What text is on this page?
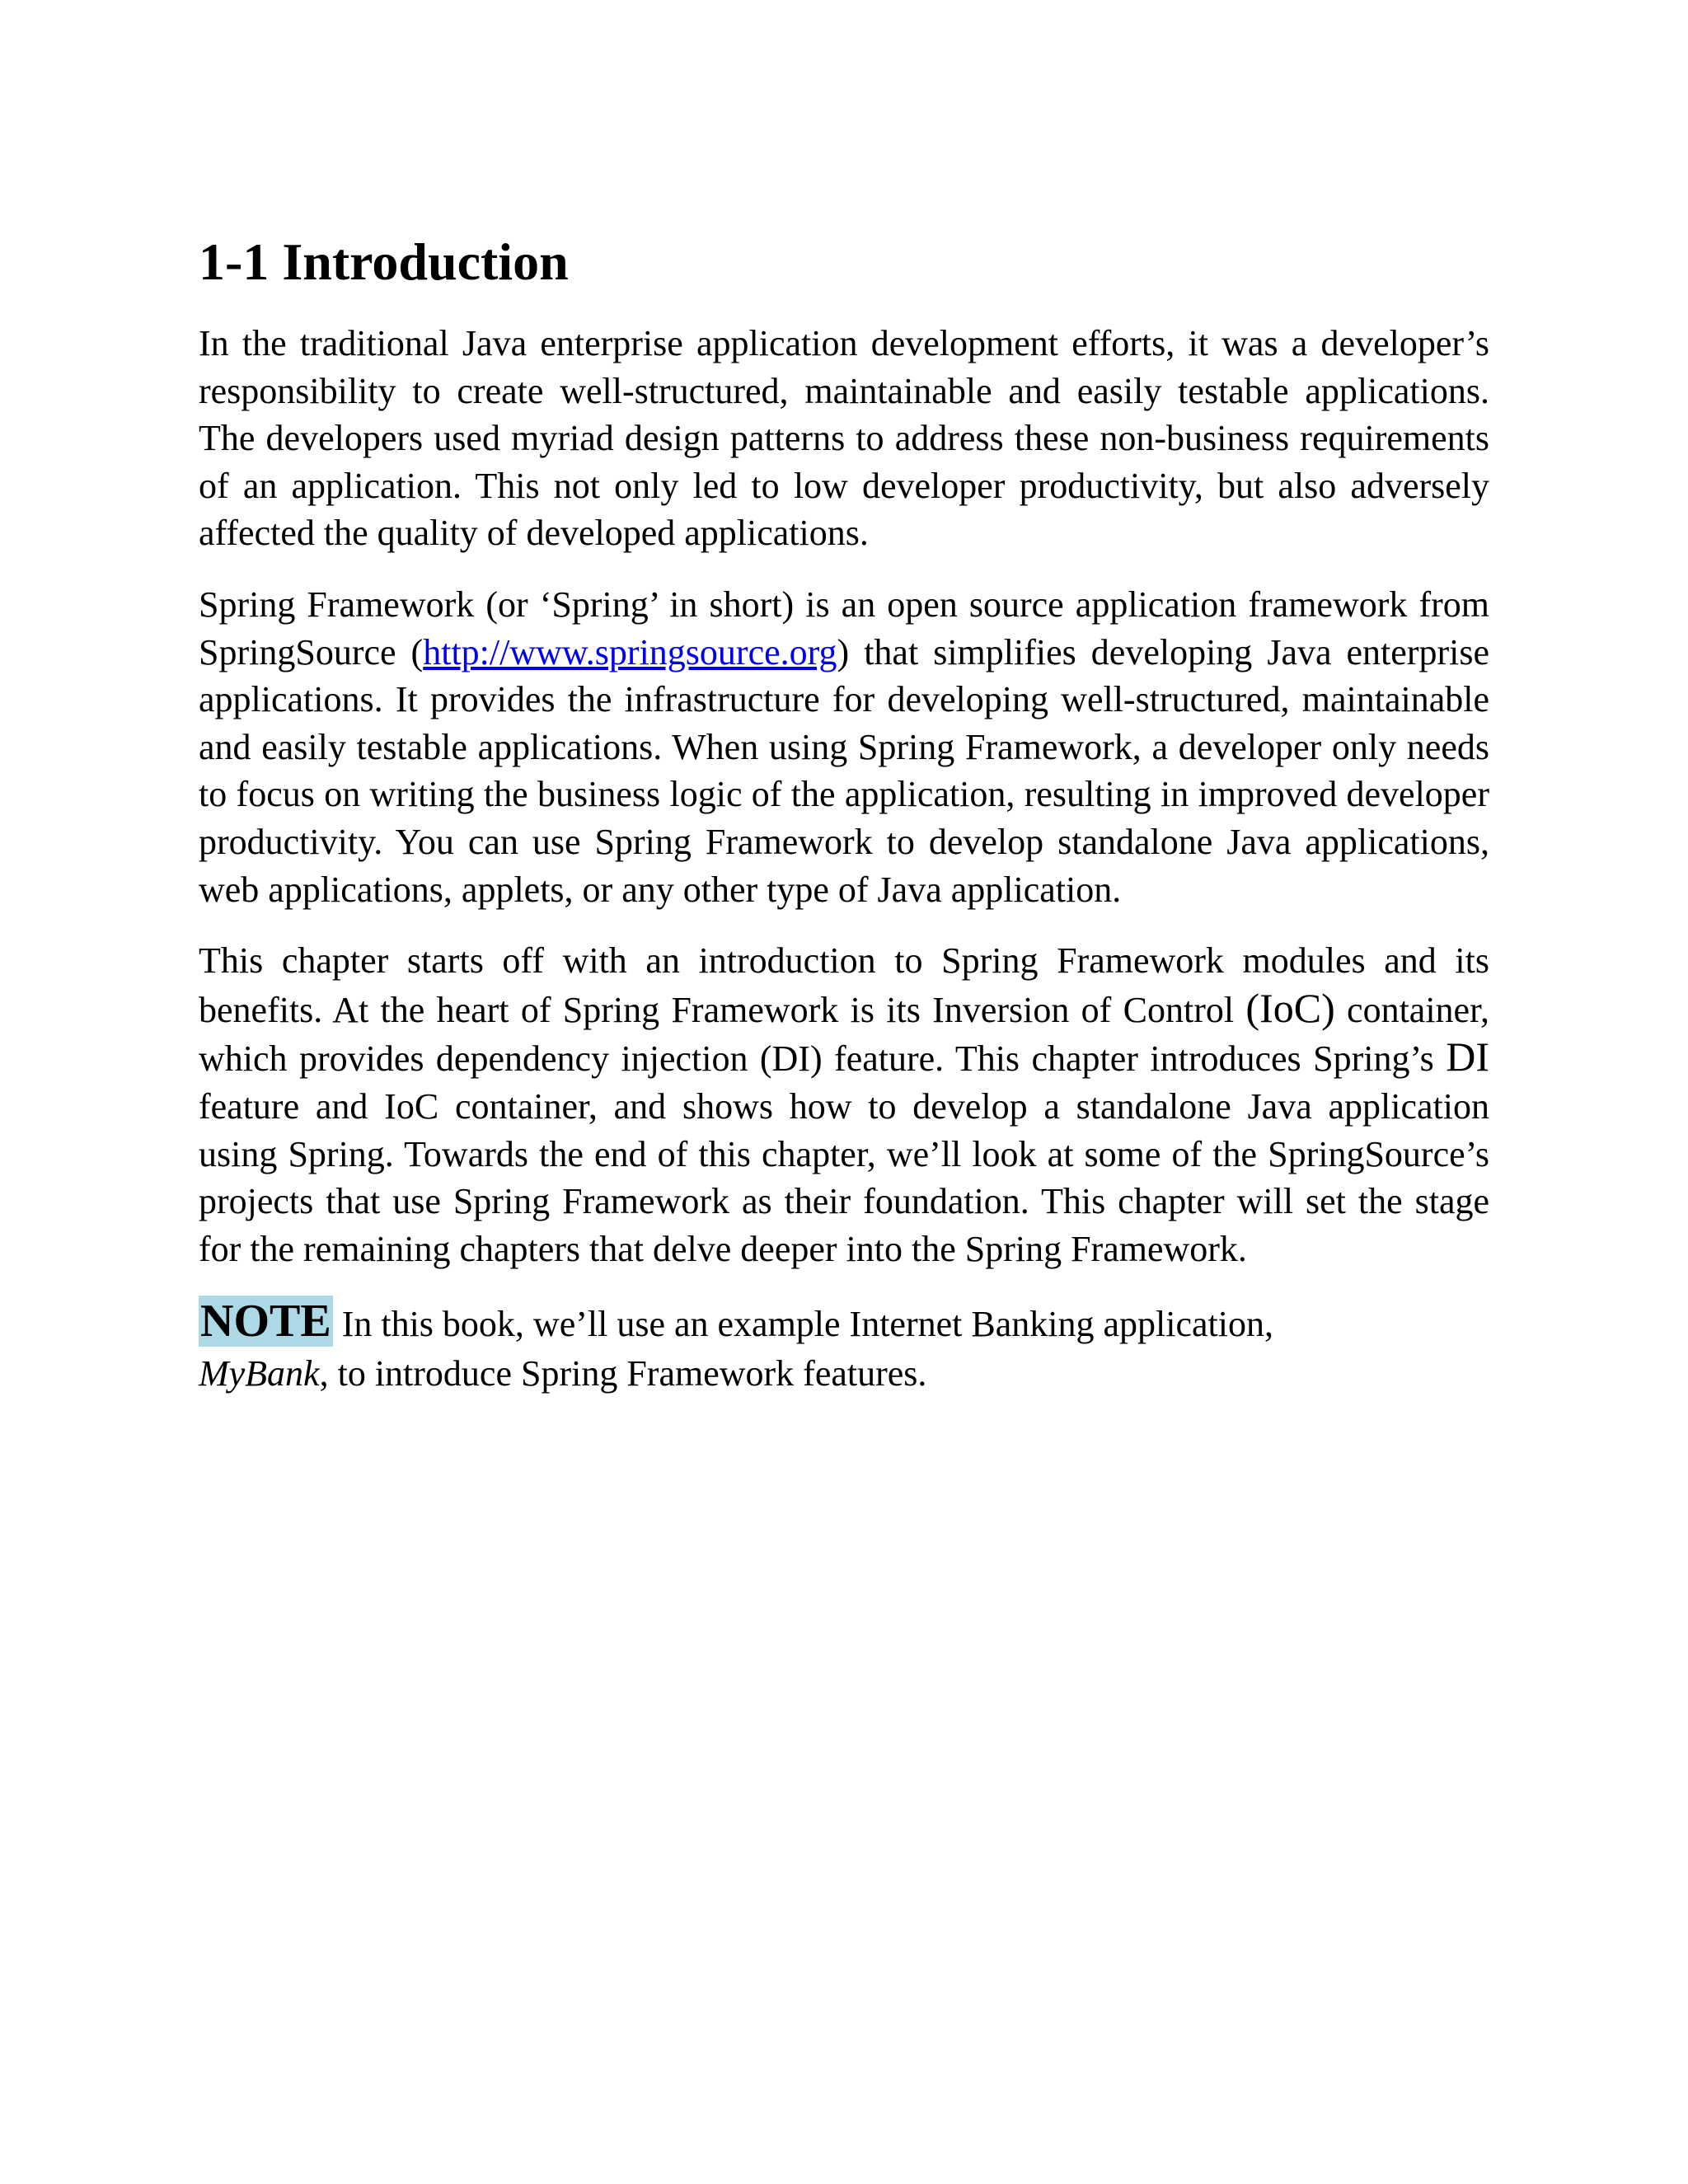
1-1 Introduction

In the traditional Java enterprise application development efforts, it was a developer’s responsibility to create well-structured, maintainable and easily testable applications. The developers used myriad design patterns to address these non-business requirements of an application. This not only led to low developer productivity, but also adversely affected the quality of developed applications.

Spring Framework (or ‘Spring’ in short) is an open source application framework from SpringSource (http://www.springsource.org) that simplifies developing Java enterprise applications. It provides the infrastructure for developing well-structured, maintainable and easily testable applications. When using Spring Framework, a developer only needs to focus on writing the business logic of the application, resulting in improved developer productivity. You can use Spring Framework to develop standalone Java applications, web applications, applets, or any other type of Java application.

This chapter starts off with an introduction to Spring Framework modules and its benefits. At the heart of Spring Framework is its Inversion of Control (IoC) container, which provides dependency injection (DI) feature. This chapter introduces Spring’s DI feature and IoC container, and shows how to develop a standalone Java application using Spring. Towards the end of this chapter, we’ll look at some of the SpringSource’s projects that use Spring Framework as their foundation. This chapter will set the stage for the remaining chapters that delve deeper into the Spring Framework.

NOTE In this book, we’ll use an example Internet Banking application,
MyBank, to introduce Spring Framework features.
